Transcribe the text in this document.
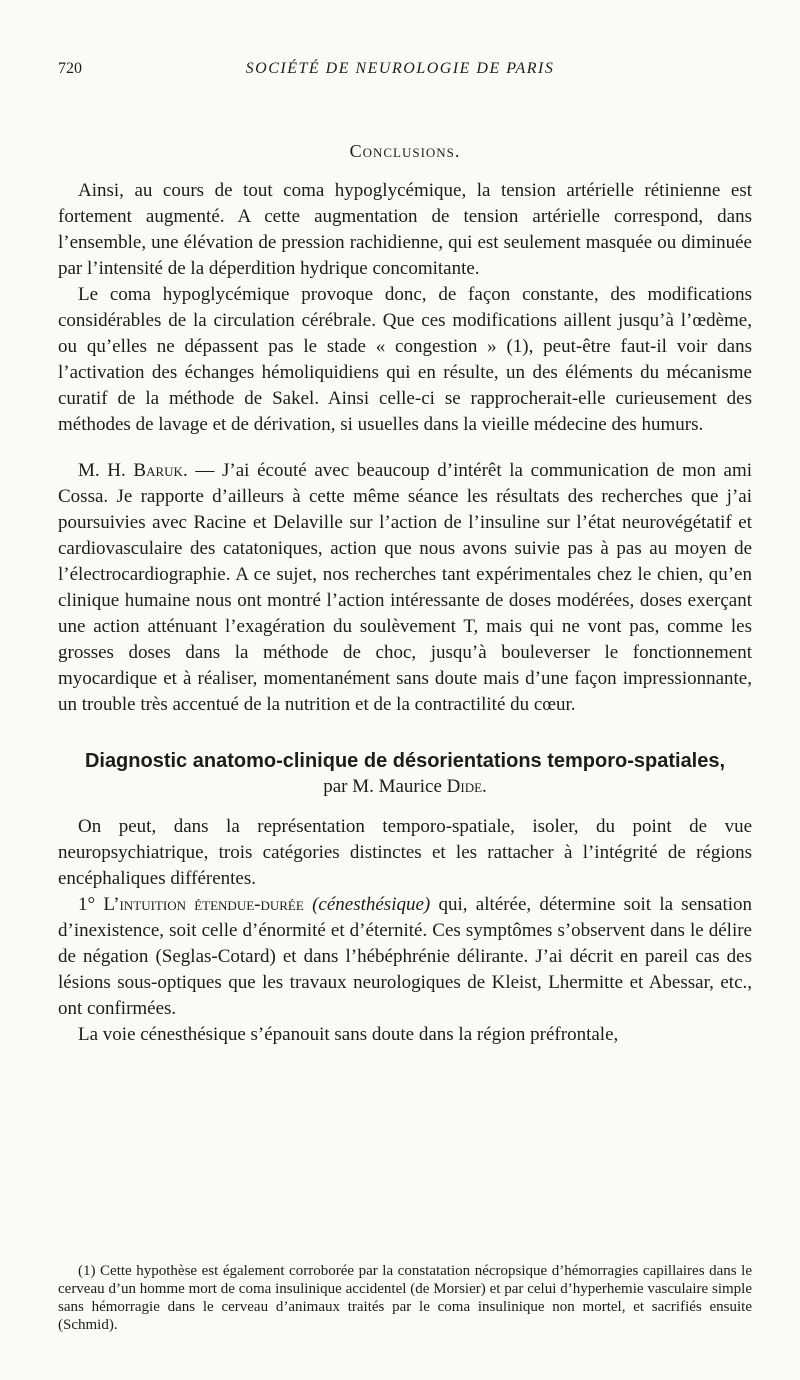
720	SOCIÉTÉ DE NEUROLOGIE DE PARIS
Conclusions.

Ainsi, au cours de tout coma hypoglycémique, la tension artérielle rétinienne est fortement augmenté. A cette augmentation de tension artérielle correspond, dans l’ensemble, une élévation de pression rachidienne, qui est seulement masquée ou diminuée par l’intensité de la déperdition hydrique concomitante.

Le coma hypoglycémique provoque donc, de façon constante, des modifications considérables de la circulation cérébrale. Que ces modifications aillent jusqu’à l’œdème, ou qu’elles ne dépassent pas le stade « congestion » (1), peut-être faut-il voir dans l’activation des échanges hémoliquidiens qui en résulte, un des éléments du mécanisme curatif de la méthode de Sakel. Ainsi celle-ci se rapprocherait-elle curieusement des méthodes de lavage et de dérivation, si usuelles dans la vieille médecine des humurs.

M. H. Baruk. — J’ai écouté avec beaucoup d’intérêt la communication de mon ami Cossa. Je rapporte d’ailleurs à cette même séance les résultats des recherches que j’ai poursuivies avec Racine et Delaville sur l’action de l’insuline sur l’état neurovégétatif et cardiovasculaire des catatoniques, action que nous avons suivie pas à pas au moyen de l’électrocardiographie. A ce sujet, nos recherches tant expérimentales chez le chien, qu’en clinique humaine nous ont montré l’action intéressante de doses modérées, doses exerçant une action atténuant l’exagération du soulèvement T, mais qui ne vont pas, comme les grosses doses dans la méthode de choc, jusqu’à bouleverser le fonctionnement myocardique et à réaliser, momentanément sans doute mais d’une façon impressionnante, un trouble très accentué de la nutrition et de la contractilité du cœur.

Diagnostic anatomo-clinique de désorientations temporo-spatiales,
par M. Maurice Dide.

On peut, dans la représentation temporo-spatiale, isoler, du point de vue neuropsychiatrique, trois catégories distinctes et les rattacher à l’intégrité de régions encéphaliques différentes.

1° L’intuition étendue-durée (cénesthésique) qui, altérée, détermine soit la sensation d’inexistence, soit celle d’énormité et d’éternité. Ces symptômes s’observent dans le délire de négation (Seglas-Cotard) et dans l’hébéphrénie délirante. J’ai décrit en pareil cas des lésions sous-optiques que les travaux neurologiques de Kleist, Lhermitte et Abessar, etc., ont confirmées.

La voie cénesthésique s’épanouit sans doute dans la région préfrontale,

(1) Cette hypothèse est également corroborée par la constatation nécropsique d’hémorragies capillaires dans le cerveau d’un homme mort de coma insulinique accidentel (de Morsier) et par celui d’hyperhemie vasculaire simple sans hémorragie dans le cerveau d’animaux traités par le coma insulinique non mortel, et sacrifiés ensuite (Schmid).
